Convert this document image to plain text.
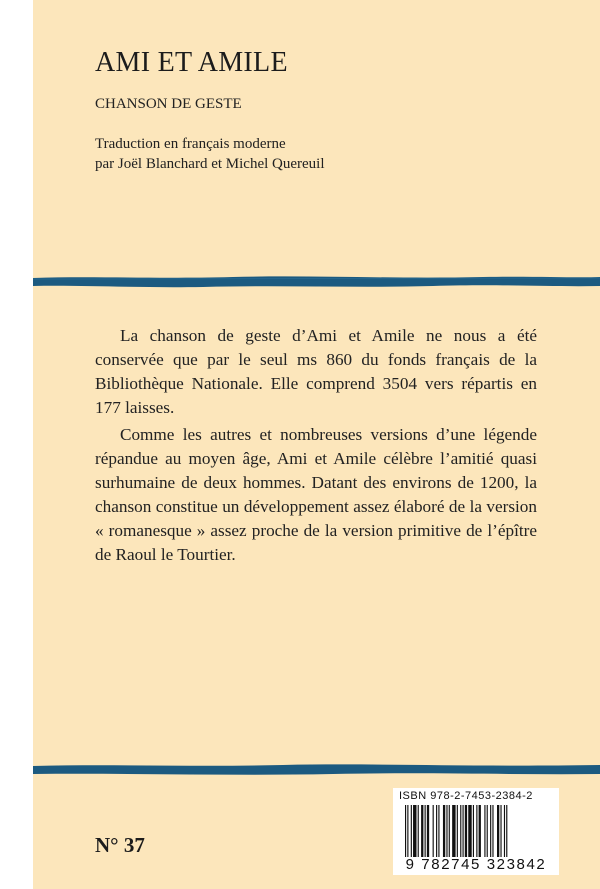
AMI ET AMILE
CHANSON DE GESTE
Traduction en français moderne
par Joël Blanchard et Michel Quereuil

La chanson de geste d’Ami et Amile ne nous a été conservée que par le seul ms 860 du fonds français de la Bibliothèque Nationale. Elle comprend 3504 vers répartis en 177 laisses.

Comme les autres et nombreuses versions d’une légende répandue au moyen âge, Ami et Amile célèbre l’amitié quasi surhumaine de deux hommes. Datant des environs de 1200, la chanson constitue un développement assez élaboré de la version « romanesque » assez proche de la version primitive de l’épître de Raoul le Tourtier.

N° 37
ISBN 978-2-7453-2384-2
9 782745 323842
